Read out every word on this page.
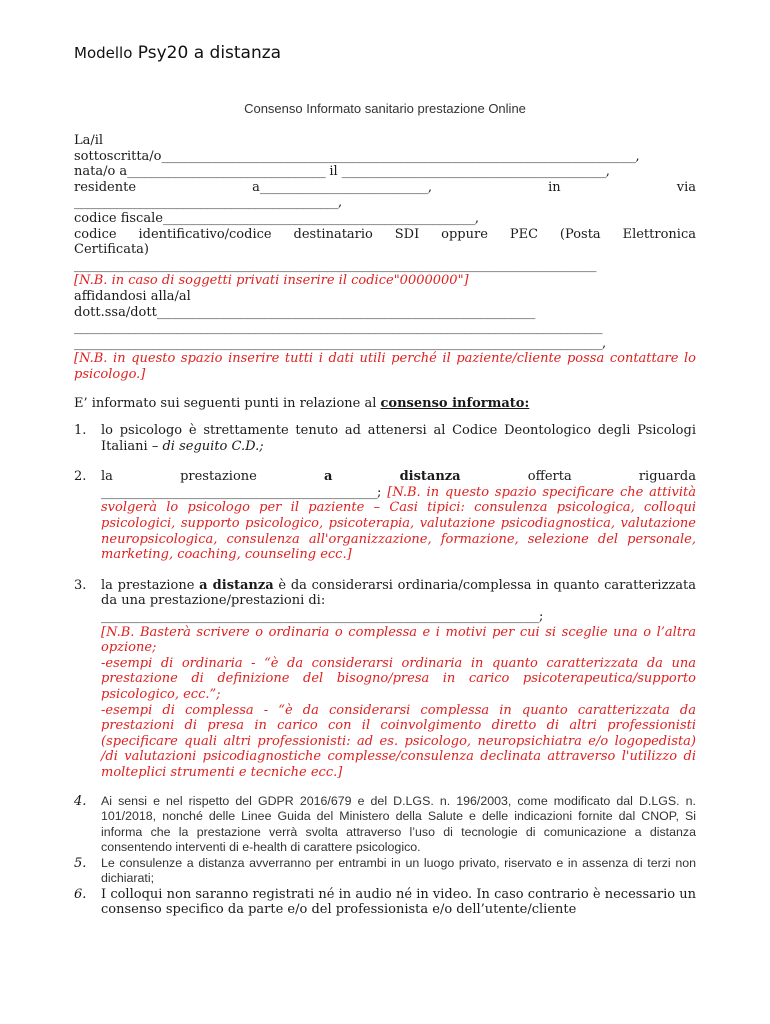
Modello Psy20 a distanza
Consenso Informato sanitario prestazione Online
La/il
sottoscritta/o_______________________________________________________________________________,
nata/o a_________________________________ il ____________________________________________,
residente	a____________________________,	in	via
____________________________________________,
codice fiscale____________________________________________________,
codice identificativo/codice destinatario SDI oppure PEC (Posta Elettronica
Certificata)
_______________________________________________________________________________________
[N.B. in caso di soggetti privati inserire il codice"0000000"]
affidandosi alla/al
dott.ssa/dott_______________________________________________________________
________________________________________________________________________________________
________________________________________________________________________________________,
[N.B. in questo spazio inserire tutti i dati utili perché il paziente/cliente possa contattare lo psicologo.]
E’ informato sui seguenti punti in relazione al consenso informato:
1. lo psicologo è strettamente tenuto ad attenersi al Codice Deontologico degli Psicologi Italiani – di seguito C.D.;
2. la	prestazione	a	distanza	offerta	riguarda
______________________________________________; [N.B. in questo spazio specificare che attività svolgerà lo psicologo per il paziente – Casi tipici: consulenza psicologica, colloqui psicologici, supporto psicologico, psicoterapia, valutazione psicodiagnostica, valutazione neuropsicologica, consulenza all'organizzazione, formazione, selezione del personale, marketing, coaching, counseling ecc.]
3. la prestazione a distanza è da considerarsi ordinaria/complessa in quanto caratterizzata da una prestazione/prestazioni di:
_________________________________________________________________________;
[N.B. Basterà scrivere o ordinaria o complessa e i motivi per cui si sceglie una o l’altra opzione;
-esempi di ordinaria - “è da considerarsi ordinaria in quanto caratterizzata da una prestazione di definizione del bisogno/presa in carico psicoterapeutica/supporto psicologico, ecc.”;
-esempi di complessa - “è da considerarsi complessa in quanto caratterizzata da prestazioni di presa in carico con il coinvolgimento diretto di altri professionisti (specificare quali altri professionisti: ad es. psicologo, neuropsichiatra e/o logopedista) /di valutazioni psicodiagnostiche complesse/consulenza declinata attraverso l'utilizzo di molteplici strumenti e tecniche ecc.]
4. Ai sensi e nel rispetto del GDPR 2016/679 e del D.LGS. n. 196/2003, come modificato dal D.LGS. n. 101/2018, nonché delle Linee Guida del Ministero della Salute e delle indicazioni fornite dal CNOP, Si informa che la prestazione verrà svolta attraverso l’uso di tecnologie di comunicazione a distanza consentendo interventi di e-health di carattere psicologico.
5. Le consulenze a distanza avverranno per entrambi in un luogo privato, riservato e in assenza di terzi non dichiarati;
6. I colloqui non saranno registrati né in audio né in video. In caso contrario è necessario un consenso specifico da parte e/o del professionista e/o dell’utente/cliente
